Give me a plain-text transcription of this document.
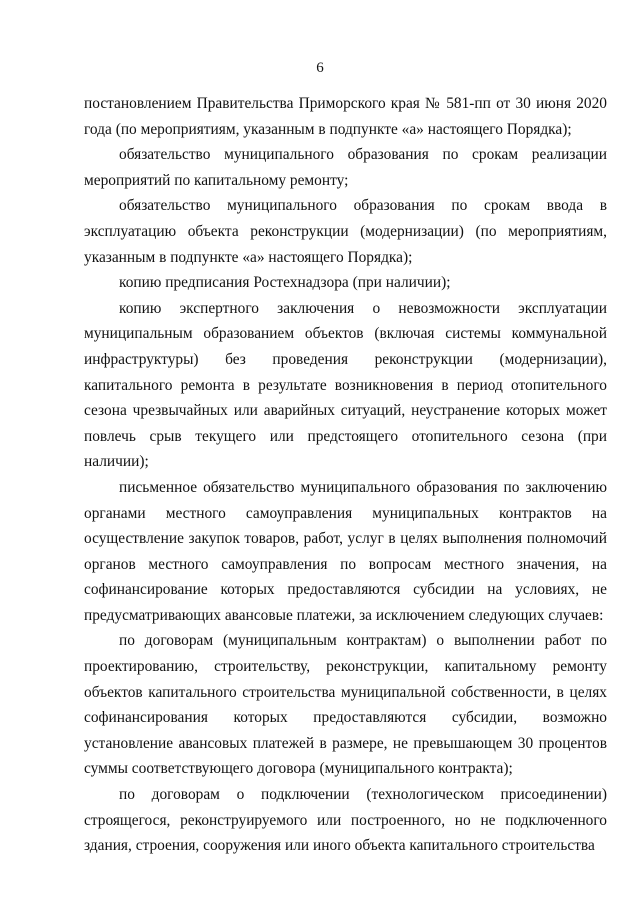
6

постановлением Правительства Приморского края № 581-пп от 30 июня 2020 года (по мероприятиям, указанным в подпункте «а» настоящего Порядка);

обязательство муниципального образования по срокам реализации мероприятий по капитальному ремонту;

обязательство муниципального образования по срокам ввода в эксплуатацию объекта реконструкции (модернизации) (по мероприятиям, указанным в подпункте «а» настоящего Порядка);

копию предписания Ростехнадзора (при наличии);

копию экспертного заключения о невозможности эксплуатации муниципальным образованием объектов (включая системы коммунальной инфраструктуры) без проведения реконструкции (модернизации), капитального ремонта в результате возникновения в период отопительного сезона чрезвычайных или аварийных ситуаций, неустранение которых может повлечь срыв текущего или предстоящего отопительного сезона (при наличии);

письменное обязательство муниципального образования по заключению органами местного самоуправления муниципальных контрактов на осуществление закупок товаров, работ, услуг в целях выполнения полномочий органов местного самоуправления по вопросам местного значения, на софинансирование которых предоставляются субсидии на условиях, не предусматривающих авансовые платежи, за исключением следующих случаев:

по договорам (муниципальным контрактам) о выполнении работ по проектированию, строительству, реконструкции, капитальному ремонту объектов капитального строительства муниципальной собственности, в целях софинансирования которых предоставляются субсидии, возможно установление авансовых платежей в размере, не превышающем 30 процентов суммы соответствующего договора (муниципального контракта);

по договорам о подключении (технологическом присоединении) строящегося, реконструируемого или построенного, но не подключенного здания, строения, сооружения или иного объекта капитального строительства
